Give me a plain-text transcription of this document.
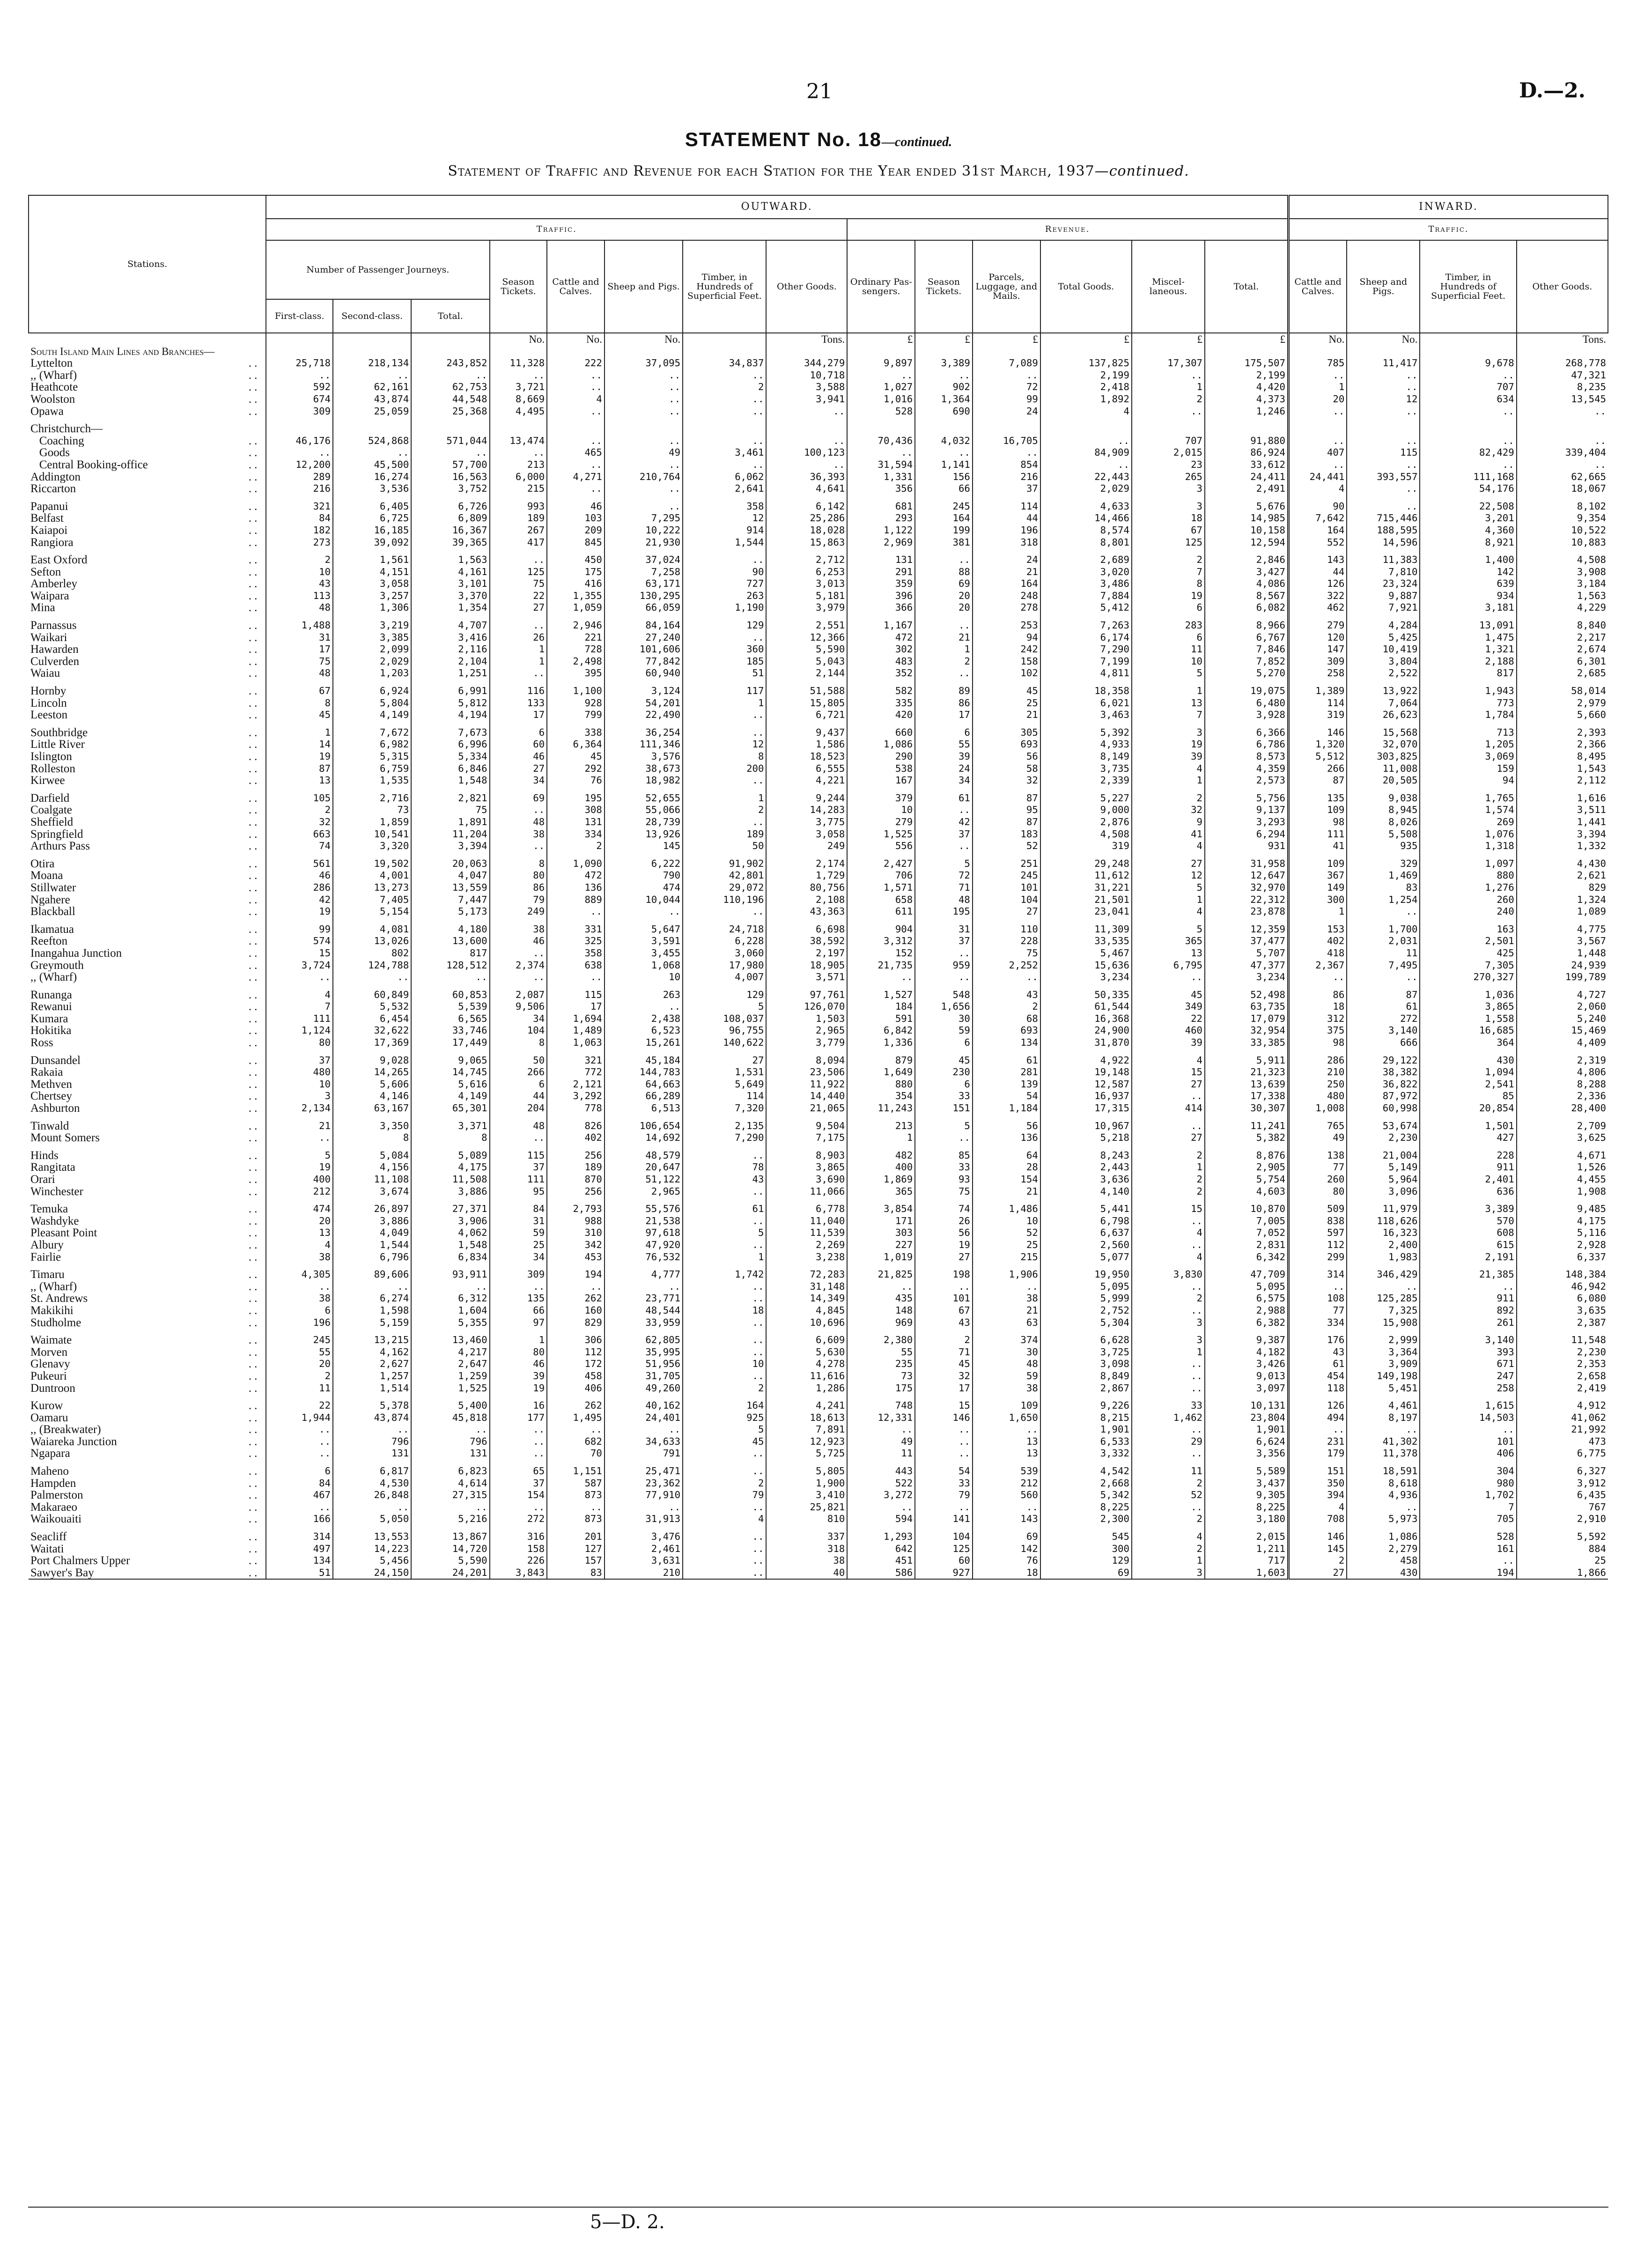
21	D.—2.
STATEMENT No. 18—continued.
Statement of Traffic and Revenue for each Station for the Year ended 31st March, 1937—continued.
Stations.	OUTWARD.														INWARD.			
	Traffic.								Revenue.						Traffic.			
	Number of Passenger Journeys.			Season Tickets.	Cattle and Calves.	Sheep and Pigs.	Timber, in Hundreds of Superficial Feet.	Other Goods.	Ordinary Pas-sengers.	Season Tickets.	Parcels, Luggage, and Mails.	Total Goods.	Miscel-laneous.	Total.	Cattle and Calves.	Sheep and Pigs.	Timber, in Hundreds of Superficial Feet.	Other Goods.
	First-class.	Second-class.	Total.															
				No.	No.	No.		Tons.	£	£	£	£	£	£	No.	No.		Tons.
South Island Main Lines and Branches—																		
Lyttelton ..	25,718	218,134	243,852	11,328	222	37,095	34,837	344,279	9,897	3,389	7,089	137,825	17,307	175,507	785	11,417	9,678	268,778
,, (Wharf) ..	..	..	..	..	..	..	..	10,718	..	..	..	2,199	..	2,199	..	..	..	47,321
Heathcote ..	592	62,161	62,753	3,721	..	..	2	3,588	1,027	902	72	2,418	1	4,420	1	..	707	8,235
Woolston ..	674	43,874	44,548	8,669	4	..	..	3,941	1,016	1,364	99	1,892	2	4,373	20	12	634	13,545
Opawa ..	309	25,059	25,368	4,495	..	..	..	..	528	690	24	4	..	1,246	..	..	..	..

Christchurch—																		
Coaching ..	46,176	524,868	571,044	13,474	..	..	..	..	70,436	4,032	16,705	..	707	91,880	..	..	..	..
Goods ..	..	..	..	..	465	49	3,461	100,123	..	..	..	84,909	2,015	86,924	407	115	82,429	339,404
Central Booking-office ..	12,200	45,500	57,700	213	..	..	..	..	31,594	1,141	854	..	23	33,612	..	..	..	..
Addington ..	289	16,274	16,563	6,000	4,271	210,764	6,062	36,393	1,331	156	216	22,443	265	24,411	24,441	393,557	111,168	62,665
Riccarton ..	216	3,536	3,752	215	..	..	2,641	4,641	356	66	37	2,029	3	2,491	4	..	54,176	18,067

Papanui ..	321	6,405	6,726	993	46	..	358	6,142	681	245	114	4,633	3	5,676	90	..	22,508	8,102
Belfast ..	84	6,725	6,809	189	103	7,295	12	25,286	293	164	44	14,466	18	14,985	7,642	715,446	3,201	9,354
Kaiapoi ..	182	16,185	16,367	267	209	10,222	914	18,028	1,122	199	196	8,574	67	10,158	164	188,595	4,360	10,522
Rangiora ..	273	39,092	39,365	417	845	21,930	1,544	15,863	2,969	381	318	8,801	125	12,594	552	14,596	8,921	10,883

East Oxford ..	2	1,561	1,563	..	450	37,024	..	2,712	131	..	24	2,689	2	2,846	143	11,383	1,400	4,508
Sefton ..	10	4,151	4,161	125	175	7,258	90	6,253	291	88	21	3,020	7	3,427	44	7,810	142	3,908
Amberley ..	43	3,058	3,101	75	416	63,171	727	3,013	359	69	164	3,486	8	4,086	126	23,324	639	3,184
Waipara ..	113	3,257	3,370	22	1,355	130,295	263	5,181	396	20	248	7,884	19	8,567	322	9,887	934	1,563
Mina ..	48	1,306	1,354	27	1,059	66,059	1,190	3,979	366	20	278	5,412	6	6,082	462	7,921	3,181	4,229

Parnassus ..	1,488	3,219	4,707	..	2,946	84,164	129	2,551	1,167	..	253	7,263	283	8,966	279	4,284	13,091	8,840
Waikari ..	31	3,385	3,416	26	221	27,240	..	12,366	472	21	94	6,174	6	6,767	120	5,425	1,475	2,217
Hawarden ..	17	2,099	2,116	1	728	101,606	360	5,590	302	1	242	7,290	11	7,846	147	10,419	1,321	2,674
Culverden ..	75	2,029	2,104	1	2,498	77,842	185	5,043	483	2	158	7,199	10	7,852	309	3,804	2,188	6,301
Waiau ..	48	1,203	1,251	..	395	60,940	51	2,144	352	..	102	4,811	5	5,270	258	2,522	817	2,685

Hornby ..	67	6,924	6,991	116	1,100	3,124	117	51,588	582	89	45	18,358	1	19,075	1,389	13,922	1,943	58,014
Lincoln ..	8	5,804	5,812	133	928	54,201	1	15,805	335	86	25	6,021	13	6,480	114	7,064	773	2,979
Leeston ..	45	4,149	4,194	17	799	22,490	..	6,721	420	17	21	3,463	7	3,928	319	26,623	1,784	5,660

Southbridge ..	1	7,672	7,673	6	338	36,254	..	9,437	660	6	305	5,392	3	6,366	146	15,568	713	2,393
Little River ..	14	6,982	6,996	60	6,364	111,346	12	1,586	1,086	55	693	4,933	19	6,786	1,320	32,070	1,205	2,366
Islington ..	19	5,315	5,334	46	45	3,576	8	18,523	290	39	56	8,149	39	8,573	5,512	303,825	3,069	8,495
Rolleston ..	87	6,759	6,846	27	292	38,673	200	6,555	538	24	58	3,735	4	4,359	266	11,008	159	1,543
Kirwee ..	13	1,535	1,548	34	76	18,982	..	4,221	167	34	32	2,339	1	2,573	87	20,505	94	2,112

Darfield ..	105	2,716	2,821	69	195	52,655	1	9,244	379	61	87	5,227	2	5,756	135	9,038	1,765	1,616
Coalgate ..	2	73	75	..	308	55,066	2	14,283	10	..	95	9,000	32	9,137	109	8,945	1,574	3,511
Sheffield ..	32	1,859	1,891	48	131	28,739	..	3,775	279	42	87	2,876	9	3,293	98	8,026	269	1,441
Springfield ..	663	10,541	11,204	38	334	13,926	189	3,058	1,525	37	183	4,508	41	6,294	111	5,508	1,076	3,394
Arthurs Pass ..	74	3,320	3,394	..	2	145	50	249	556	..	52	319	4	931	41	935	1,318	1,332

Otira ..	561	19,502	20,063	8	1,090	6,222	91,902	2,174	2,427	5	251	29,248	27	31,958	109	329	1,097	4,430
Moana ..	46	4,001	4,047	80	472	790	42,801	1,729	706	72	245	11,612	12	12,647	367	1,469	880	2,621
Stillwater ..	286	13,273	13,559	86	136	474	29,072	80,756	1,571	71	101	31,221	5	32,970	149	83	1,276	829
Ngahere ..	42	7,405	7,447	79	889	10,044	110,196	2,108	658	48	104	21,501	1	22,312	300	1,254	260	1,324
Blackball ..	19	5,154	5,173	249	..	..	..	43,363	611	195	27	23,041	4	23,878	1	..	240	1,089

Ikamatua ..	99	4,081	4,180	38	331	5,647	24,718	6,698	904	31	110	11,309	5	12,359	153	1,700	163	4,775
Reefton ..	574	13,026	13,600	46	325	3,591	6,228	38,592	3,312	37	228	33,535	365	37,477	402	2,031	2,501	3,567
Inangahua Junction ..	15	802	817	..	358	3,455	3,060	2,197	152	..	75	5,467	13	5,707	418	11	425	1,448
Greymouth ..	3,724	124,788	128,512	2,374	638	1,068	17,980	18,905	21,735	959	2,252	15,636	6,795	47,377	2,367	7,495	7,305	24,939
,, (Wharf) ..	..	..	..	..	..	10	4,007	3,571	..	..	..	3,234	..	3,234	..	..	270,327	199,789

Runanga ..	4	60,849	60,853	2,087	115	263	129	97,761	1,527	548	43	50,335	45	52,498	86	87	1,036	4,727
Rewanui ..	7	5,532	5,539	9,506	17	..	5	126,070	184	1,656	2	61,544	349	63,735	18	61	3,865	2,060
Kumara ..	111	6,454	6,565	34	1,694	2,438	108,037	1,503	591	30	68	16,368	22	17,079	312	272	1,558	5,240
Hokitika ..	1,124	32,622	33,746	104	1,489	6,523	96,755	2,965	6,842	59	693	24,900	460	32,954	375	3,140	16,685	15,469
Ross ..	80	17,369	17,449	8	1,063	15,261	140,622	3,779	1,336	6	134	31,870	39	33,385	98	666	364	4,409

Dunsandel ..	37	9,028	9,065	50	321	45,184	27	8,094	879	45	61	4,922	4	5,911	286	29,122	430	2,319
Rakaia ..	480	14,265	14,745	266	772	144,783	1,531	23,506	1,649	230	281	19,148	15	21,323	210	38,382	1,094	4,806
Methven ..	10	5,606	5,616	6	2,121	64,663	5,649	11,922	880	6	139	12,587	27	13,639	250	36,822	2,541	8,288
Chertsey ..	3	4,146	4,149	44	3,292	66,289	114	14,440	354	33	54	16,937	..	17,338	480	87,972	85	2,336
Ashburton ..	2,134	63,167	65,301	204	778	6,513	7,320	21,065	11,243	151	1,184	17,315	414	30,307	1,008	60,998	20,854	28,400

Tinwald ..	21	3,350	3,371	48	826	106,654	2,135	9,504	213	5	56	10,967	..	11,241	765	53,674	1,501	2,709
Mount Somers ..	..	8	8	..	402	14,692	7,290	7,175	1	..	136	5,218	27	5,382	49	2,230	427	3,625

Hinds ..	5	5,084	5,089	115	256	48,579	..	8,903	482	85	64	8,243	2	8,876	138	21,004	228	4,671
Rangitata ..	19	4,156	4,175	37	189	20,647	78	3,865	400	33	28	2,443	1	2,905	77	5,149	911	1,526
Orari ..	400	11,108	11,508	111	870	51,122	43	3,690	1,869	93	154	3,636	2	5,754	260	5,964	2,401	4,455
Winchester ..	212	3,674	3,886	95	256	2,965	..	11,066	365	75	21	4,140	2	4,603	80	3,096	636	1,908

Temuka ..	474	26,897	27,371	84	2,793	55,576	61	6,778	3,854	74	1,486	5,441	15	10,870	509	11,979	3,389	9,485
Washdyke ..	20	3,886	3,906	31	988	21,538	..	11,040	171	26	10	6,798	..	7,005	838	118,626	570	4,175
Pleasant Point ..	13	4,049	4,062	59	310	97,618	5	11,539	303	56	52	6,637	4	7,052	597	16,323	608	5,116
Albury ..	4	1,544	1,548	25	342	47,920	..	2,269	227	19	25	2,560	..	2,831	112	2,400	615	2,928
Fairlie ..	38	6,796	6,834	34	453	76,532	1	3,238	1,019	27	215	5,077	4	6,342	299	1,983	2,191	6,337

Timaru ..	4,305	89,606	93,911	309	194	4,777	1,742	72,283	21,825	198	1,906	19,950	3,830	47,709	314	346,429	21,385	148,384
,, (Wharf) ..	..	..	..	..	..	..	..	31,148	..	..	..	5,095	..	5,095	..	..	..	46,942
St. Andrews ..	38	6,274	6,312	135	262	23,771	..	14,349	435	101	38	5,999	2	6,575	108	125,285	911	6,080
Makikihi ..	6	1,598	1,604	66	160	48,544	18	4,845	148	67	21	2,752	..	2,988	77	7,325	892	3,635
Studholme ..	196	5,159	5,355	97	829	33,959	..	10,696	969	43	63	5,304	3	6,382	334	15,908	261	2,387

Waimate ..	245	13,215	13,460	1	306	62,805	..	6,609	2,380	2	374	6,628	3	9,387	176	2,999	3,140	11,548
Morven ..	55	4,162	4,217	80	112	35,995	..	5,630	55	71	30	3,725	1	4,182	43	3,364	393	2,230
Glenavy ..	20	2,627	2,647	46	172	51,956	10	4,278	235	45	48	3,098	..	3,426	61	3,909	671	2,353
Pukeuri ..	2	1,257	1,259	39	458	31,705	..	11,616	73	32	59	8,849	..	9,013	454	149,198	247	2,658
Duntroon ..	11	1,514	1,525	19	406	49,260	2	1,286	175	17	38	2,867	..	3,097	118	5,451	258	2,419

Kurow ..	22	5,378	5,400	16	262	40,162	164	4,241	748	15	109	9,226	33	10,131	126	4,461	1,615	4,912
Oamaru ..	1,944	43,874	45,818	177	1,495	24,401	925	18,613	12,331	146	1,650	8,215	1,462	23,804	494	8,197	14,503	41,062
,, (Breakwater) ..	..	..	..	..	..	..	5	7,891	..	..	..	1,901	..	1,901	..	..	..	21,992
Waiareka Junction ..	..	796	796	..	682	34,633	45	12,923	49	..	13	6,533	29	6,624	231	41,302	101	473
Ngapara ..	..	131	131	..	70	791	..	5,725	11	..	13	3,332	..	3,356	179	11,378	406	6,775

Maheno ..	6	6,817	6,823	65	1,151	25,471	..	5,805	443	54	539	4,542	11	5,589	151	18,591	304	6,327
Hampden ..	84	4,530	4,614	37	587	23,362	2	1,900	522	33	212	2,668	2	3,437	350	8,618	980	3,912
Palmerston ..	467	26,848	27,315	154	873	77,910	79	3,410	3,272	79	560	5,342	52	9,305	394	4,936	1,702	6,435
Makaraeo ..	..	..	..	..	..	..	..	25,821	..	..	..	8,225	..	8,225	4	..	7	767
Waikouaiti ..	166	5,050	5,216	272	873	31,913	4	810	594	141	143	2,300	2	3,180	708	5,973	705	2,910

Seacliff ..	314	13,553	13,867	316	201	3,476	..	337	1,293	104	69	545	4	2,015	146	1,086	528	5,592
Waitati ..	497	14,223	14,720	158	127	2,461	..	318	642	125	142	300	2	1,211	145	2,279	161	884
Port Chalmers Upper ..	134	5,456	5,590	226	157	3,631	..	38	451	60	76	129	1	717	2	458	..	25
Sawyer's Bay ..	51	24,150	24,201	3,843	83	210	..	40	586	927	18	69	3	1,603	27	430	194	1,866
5—D. 2.
